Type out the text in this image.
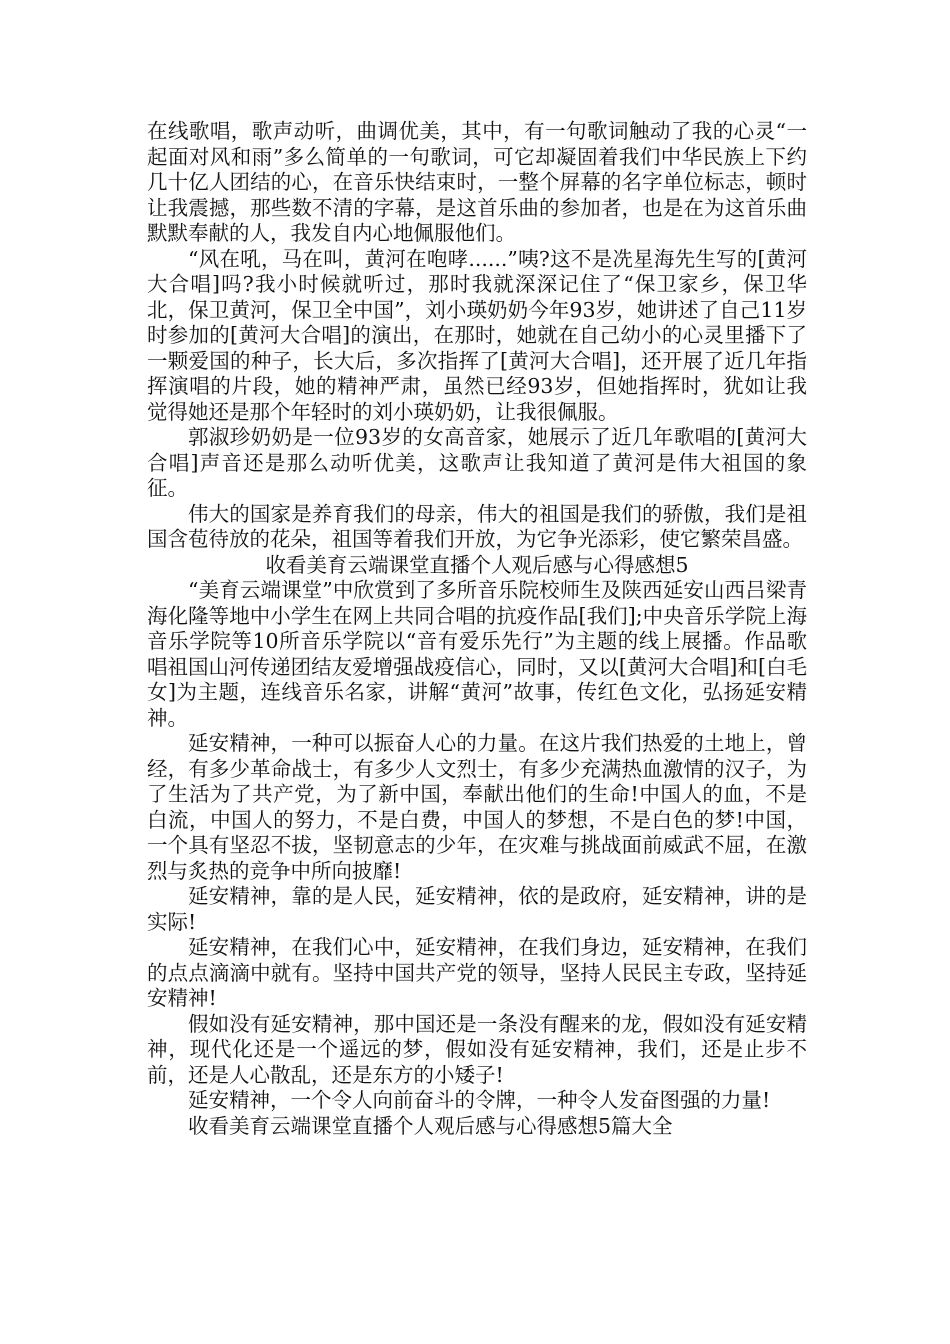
在线歌唱，歌声动听，曲调优美，其中，有一句歌词触动了我的心灵“一起面对风和雨”多么简单的一句歌词，可它却凝固着我们中华民族上下约几十亿人团结的心，在音乐快结束时，一整个屏幕的名字单位标志，顿时让我震撼，那些数不清的字幕，是这首乐曲的参加者，也是在为这首乐曲默默奉献的人，我发自内心地佩服他们。

“风在吼，马在叫，黄河在咆哮......”咦?这不是冼星海先生写的[黄河大合唱]吗?我小时候就听过，那时我就深深记住了“保卫家乡，保卫华北，保卫黄河，保卫全中国”，刘小瑛奶奶今年93岁，她讲述了自己11岁时参加的[黄河大合唱]的演出，在那时，她就在自己幼小的心灵里播下了一颗爱国的种子，长大后，多次指挥了[黄河大合唱]，还开展了近几年指挥演唱的片段，她的精神严肃，虽然已经93岁，但她指挥时，犹如让我觉得她还是那个年轻时的刘小瑛奶奶，让我很佩服。

郭淑珍奶奶是一位93岁的女高音家，她展示了近几年歌唱的[黄河大合唱]声音还是那么动听优美，这歌声让我知道了黄河是伟大祖国的象征。

伟大的国家是养育我们的母亲，伟大的祖国是我们的骄傲，我们是祖国含苞待放的花朵，祖国等着我们开放，为它争光添彩，使它繁荣昌盛。

收看美育云端课堂直播个人观后感与心得感想5

“美育云端课堂”中欣赏到了多所音乐院校师生及陕西延安山西吕梁青海化隆等地中小学生在网上共同合唱的抗疫作品[我们];中央音乐学院上海音乐学院等10所音乐学院以“音有爱乐先行”为主题的线上展播。作品歌唱祖国山河传递团结友爱增强战疫信心，同时，又以[黄河大合唱]和[白毛女]为主题，连线音乐名家，讲解“黄河”故事，传红色文化，弘扬延安精神。

延安精神，一种可以振奋人心的力量。在这片我们热爱的土地上，曾经，有多少革命战士，有多少人文烈士，有多少充满热血激情的汉子，为了生活为了共产党，为了新中国，奉献出他们的生命!中国人的血，不是白流，中国人的努力，不是白费，中国人的梦想，不是白色的梦!中国，一个具有坚忍不拔，坚韧意志的少年，在灾难与挑战面前威武不屈，在激烈与炙热的竞争中所向披靡!

延安精神，靠的是人民，延安精神，依的是政府，延安精神，讲的是实际!

延安精神，在我们心中，延安精神，在我们身边，延安精神，在我们的点点滴滴中就有。坚持中国共产党的领导，坚持人民民主专政，坚持延安精神!

假如没有延安精神，那中国还是一条没有醒来的龙，假如没有延安精神，现代化还是一个遥远的梦，假如没有延安精神，我们，还是止步不前，还是人心散乱，还是东方的小矮子!

延安精神，一个令人向前奋斗的令牌，一种令人发奋图强的力量!

收看美育云端课堂直播个人观后感与心得感想5篇大全
